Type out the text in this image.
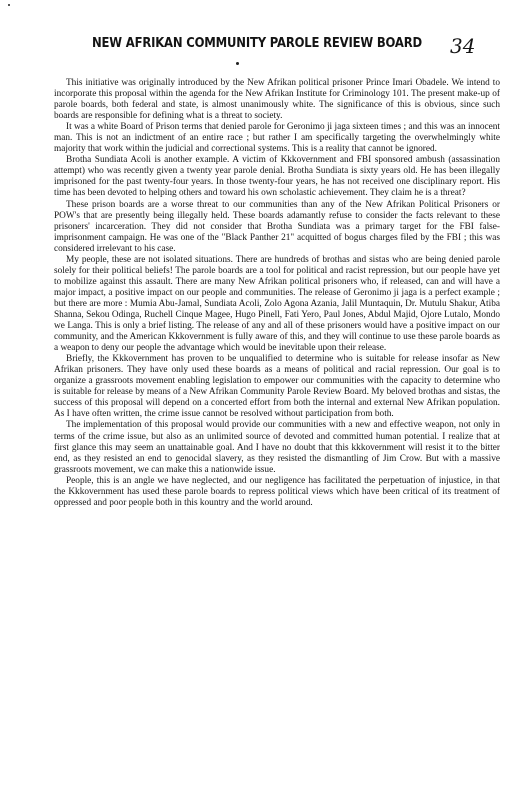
NEW AFRIKAN COMMUNITY PAROLE REVIEW BOARD 34

This initiative was originally introduced by the New Afrikan political prisoner Prince Imari Obadele. We intend to incorporate this proposal within the agenda for the New Afrikan Institute for Criminology 101. The present make-up of parole boards, both federal and state, is almost unanimously white. The significance of this is obvious, since such boards are responsible for defining what is a threat to society.

It was a white Board of Prison terms that denied parole for Geronimo ji jaga sixteen times ; and this was an innocent man. This is not an indictment of an entire race ; but rather I am specifically targeting the overwhelmingly white majority that work within the judicial and correctional systems. This is a reality that cannot be ignored.

Brotha Sundiata Acoli is another example. A victim of Kkkovernment and FBI sponsored ambush (assassination attempt) who was recently given a twenty year parole denial. Brotha Sundiata is sixty years old. He has been illegally imprisoned for the past twenty-four years. In those twenty-four years, he has not received one disciplinary report. His time has been devoted to helping others and toward his own scholastic achievement. They claim he is a threat?

These prison boards are a worse threat to our communities than any of the New Afrikan Political Prisoners or POW's that are presently being illegally held. These boards adamantly refuse to consider the facts relevant to these prisoners' incarceration. They did not consider that Brotha Sundiata was a primary target for the FBI false-imprisonment campaign. He was one of the "Black Panther 21" acquitted of bogus charges filed by the FBI ; this was considered irrelevant to his case.

My people, these are not isolated situations. There are hundreds of brothas and sistas who are being denied parole solely for their political beliefs! The parole boards are a tool for political and racist repression, but our people have yet to mobilize against this assault. There are many New Afrikan political prisoners who, if released, can and will have a major impact, a positive impact on our people and communities. The release of Geronimo ji jaga is a perfect example ; but there are more : Mumia Abu-Jamal, Sundiata Acoli, Zolo Agona Azania, Jalil Muntaquin, Dr. Mutulu Shakur, Atiba Shanna, Sekou Odinga, Ruchell Cinque Magee, Hugo Pinell, Fati Yero, Paul Jones, Abdul Majid, Ojore Lutalo, Mondo we Langa. This is only a brief listing. The release of any and all of these prisoners would have a positive impact on our community, and the American Kkkovernment is fully aware of this, and they will continue to use these parole boards as a weapon to deny our people the advantage which would be inevitable upon their release.

Briefly, the Kkkovernment has proven to be unqualified to determine who is suitable for release insofar as New Afrikan prisoners. They have only used these boards as a means of political and racial repression. Our goal is to organize a grassroots movement enabling legislation to empower our communities with the capacity to determine who is suitable for release by means of a New Afrikan Community Parole Review Board. My beloved brothas and sistas, the success of this proposal will depend on a concerted effort from both the internal and external New Afrikan population. As I have often written, the crime issue cannot be resolved without participation from both.

The implementation of this proposal would provide our communities with a new and effective weapon, not only in terms of the crime issue, but also as an unlimited source of devoted and committed human potential. I realize that at first glance this may seem an unattainable goal. And I have no doubt that this kkkovernment will resist it to the bitter end, as they resisted an end to genocidal slavery, as they resisted the dismantling of Jim Crow. But with a massive grassroots movement, we can make this a nationwide issue.

People, this is an angle we have neglected, and our negligence has facilitated the perpetuation of injustice, in that the Kkkovernment has used these parole boards to repress political views which have been critical of its treatment of oppressed and poor people both in this kountry and the world around.
